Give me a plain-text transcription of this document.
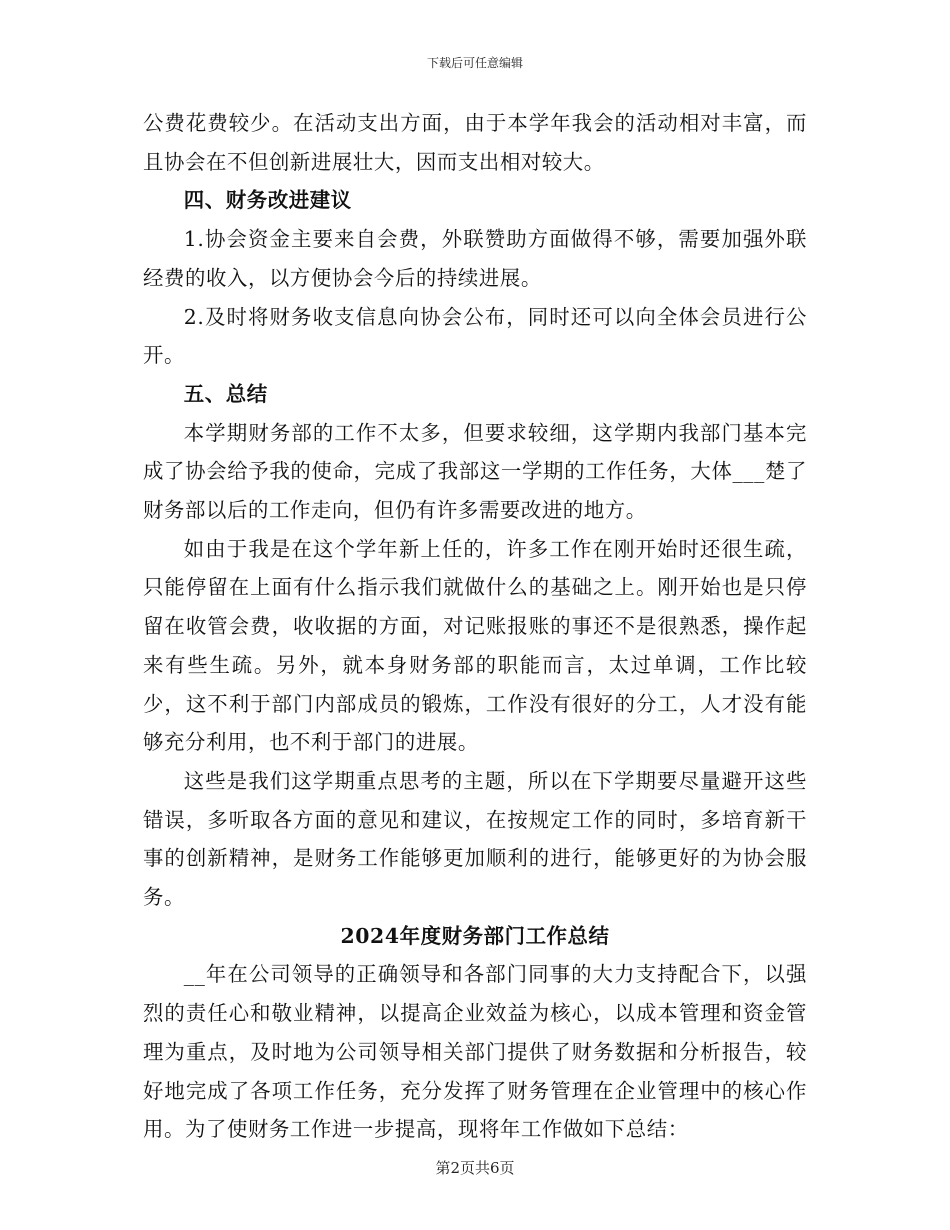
下载后可任意编辑

公费花费较少。在活动支出方面，由于本学年我会的活动相对丰富，而且协会在不但创新进展壮大，因而支出相对较大。

四、财务改进建议

1.协会资金主要来自会费，外联赞助方面做得不够，需要加强外联经费的收入，以方便协会今后的持续进展。

2.及时将财务收支信息向协会公布，同时还可以向全体会员进行公开。

五、总结

本学期财务部的工作不太多，但要求较细，这学期内我部门基本完成了协会给予我的使命，完成了我部这一学期的工作任务，大体___楚了财务部以后的工作走向，但仍有许多需要改进的地方。

如由于我是在这个学年新上任的，许多工作在刚开始时还很生疏，只能停留在上面有什么指示我们就做什么的基础之上。刚开始也是只停留在收管会费，收收据的方面，对记账报账的事还不是很熟悉，操作起来有些生疏。另外，就本身财务部的职能而言，太过单调，工作比较少，这不利于部门内部成员的锻炼，工作没有很好的分工，人才没有能够充分利用，也不利于部门的进展。

这些是我们这学期重点思考的主题，所以在下学期要尽量避开这些错误，多听取各方面的意见和建议，在按规定工作的同时，多培育新干事的创新精神，是财务工作能够更加顺利的进行，能够更好的为协会服务。

2024年度财务部门工作总结

__年在公司领导的正确领导和各部门同事的大力支持配合下，以强烈的责任心和敬业精神，以提高企业效益为核心，以成本管理和资金管理为重点，及时地为公司领导相关部门提供了财务数据和分析报告，较好地完成了各项工作任务，充分发挥了财务管理在企业管理中的核心作用。为了使财务工作进一步提高，现将年工作做如下总结：

第2页共6页
